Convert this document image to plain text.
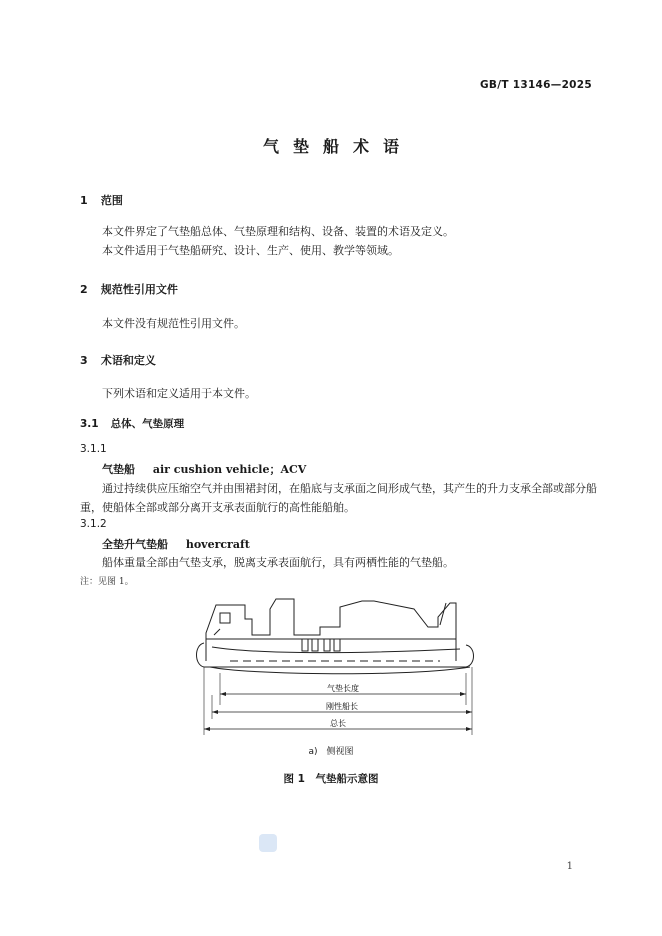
GB/T 13146—2025
气垫船术语
1 范围
本文件界定了气垫船总体、气垫原理和结构、设备、装置的术语及定义。
本文件适用于气垫船研究、设计、生产、使用、教学等领域。
2 规范性引用文件
本文件没有规范性引用文件。
3 术语和定义
下列术语和定义适用于本文件。
3.1 总体、气垫原理
3.1.1
气垫船 air cushion vehicle；ACV
通过持续供应压缩空气并由围裙封闭，在船底与支承面之间形成气垫，其产生的升力支承全部或部分船重，使船体全部或部分离开支承表面航行的高性能船舶。
3.1.2
全垫升气垫船 hovercraft
船体重量全部由气垫支承，脱离支承表面航行，具有两栖性能的气垫船。
注：见图 1。
气垫长度
刚性船长
总长
a)　侧视图
图 1　气垫船示意图
1
